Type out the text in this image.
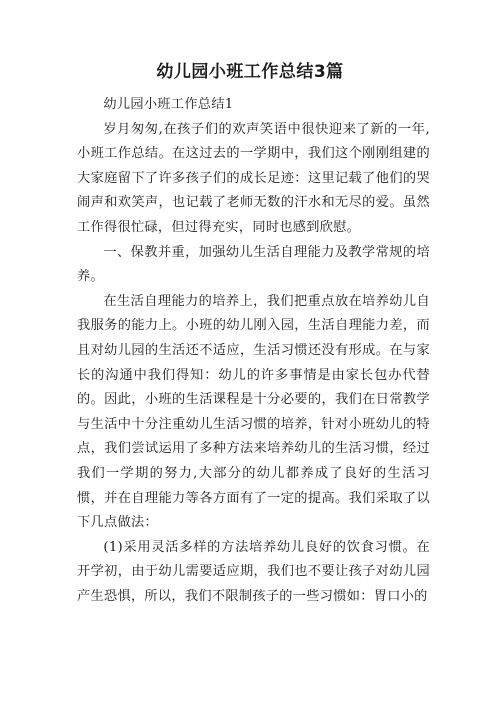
幼儿园小班工作总结3篇

幼儿园小班工作总结1

岁月匆匆,在孩子们的欢声笑语中很快迎来了新的一年,小班工作总结。在这过去的一学期中，我们这个刚刚组建的大家庭留下了许多孩子们的成长足迹：这里记载了他们的哭闹声和欢笑声，也记载了老师无数的汗水和无尽的爱。虽然工作得很忙碌，但过得充实，同时也感到欣慰。

一、保教并重，加强幼儿生活自理能力及教学常规的培养。

在生活自理能力的培养上，我们把重点放在培养幼儿自我服务的能力上。小班的幼儿刚入园，生活自理能力差，而且对幼儿园的生活还不适应，生活习惯还没有形成。在与家长的沟通中我们得知：幼儿的许多事情是由家长包办代替的。因此，小班的生活课程是十分必要的，我们在日常教学与生活中十分注重幼儿生活习惯的培养，针对小班幼儿的特点，我们尝试运用了多种方法来培养幼儿的生活习惯，经过我们一学期的努力,大部分的幼儿都养成了良好的生活习惯，并在自理能力等各方面有了一定的提高。我们采取了以下几点做法：

(1)采用灵活多样的方法培养幼儿良好的饮食习惯。在开学初，由于幼儿需要适应期，我们也不要让孩子对幼儿园产生恐惧，所以，我们不限制孩子的一些习惯如：胃口小的
